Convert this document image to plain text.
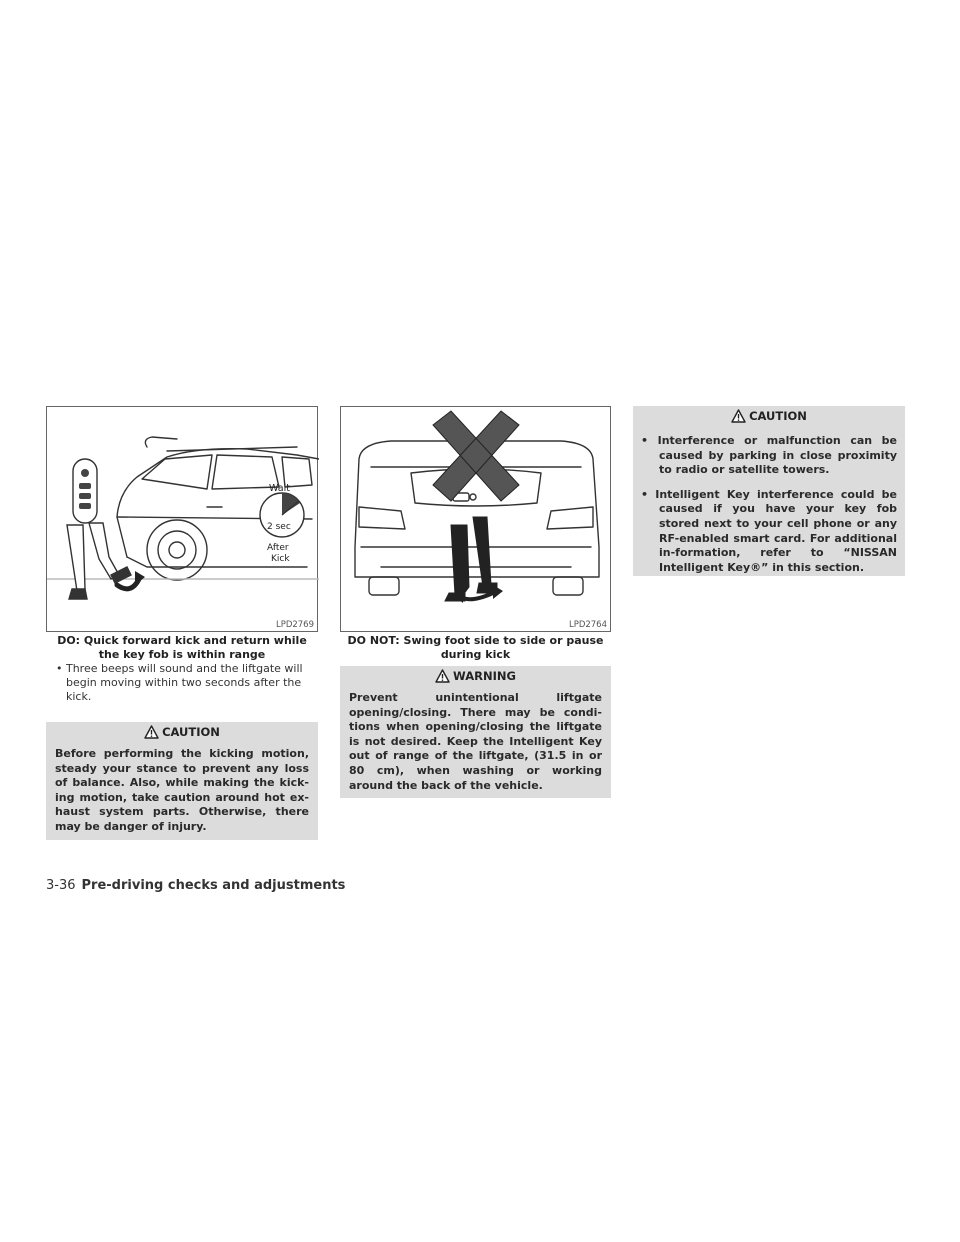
Wait
2 sec
After
Kick
LPD2769
DO: Quick forward kick and return while the key fob is within range
• Three beeps will sound and the liftgate will begin moving within two seconds after the kick.
CAUTION
Before performing the kicking motion, steady your stance to prevent any loss of balance. Also, while making the kick-ing motion, take caution around hot ex-haust system parts. Otherwise, there may be danger of injury.
LPD2764
DO NOT: Swing foot side to side or pause during kick
WARNING
Prevent unintentional liftgate opening/closing. There may be condi-tions when opening/closing the liftgate is not desired. Keep the Intelligent Key out of range of the liftgate, (31.5 in or 80 cm), when washing or working around the back of the vehicle.
CAUTION
• Interference or malfunction can be caused by parking in close proximity to radio or satellite towers.
• Intelligent Key interference could be caused if you have your key fob stored next to your cell phone or any RF-enabled smart card. For additional in-formation, refer to “NISSAN Intelligent Key®” in this section.
3-36 Pre-driving checks and adjustments
